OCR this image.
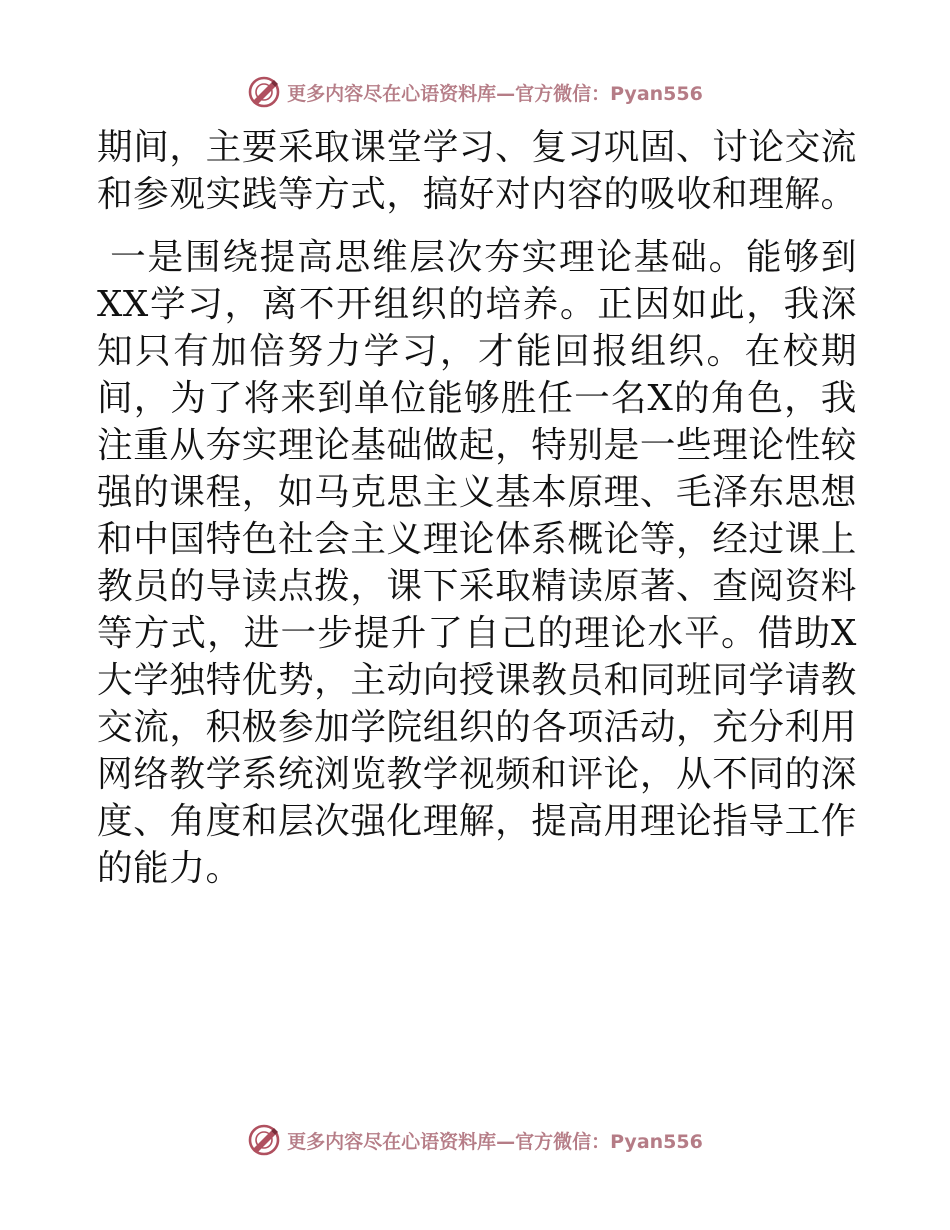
更多内容尽在心语资料库—官方微信：Pyan556

期间，主要采取课堂学习、复习巩固、讨论交流和参观实践等方式，搞好对内容的吸收和理解。

一是围绕提高思维层次夯实理论基础。能够到XX学习，离不开组织的培养。正因如此，我深知只有加倍努力学习，才能回报组织。在校期间，为了将来到单位能够胜任一名X的角色，我注重从夯实理论基础做起，特别是一些理论性较强的课程，如马克思主义基本原理、毛泽东思想和中国特色社会主义理论体系概论等，经过课上教员的导读点拨，课下采取精读原著、查阅资料等方式，进一步提升了自己的理论水平。借助X大学独特优势，主动向授课教员和同班同学请教交流，积极参加学院组织的各项活动，充分利用网络教学系统浏览教学视频和评论，从不同的深度、角度和层次强化理解，提高用理论指导工作的能力。

更多内容尽在心语资料库—官方微信：Pyan556
